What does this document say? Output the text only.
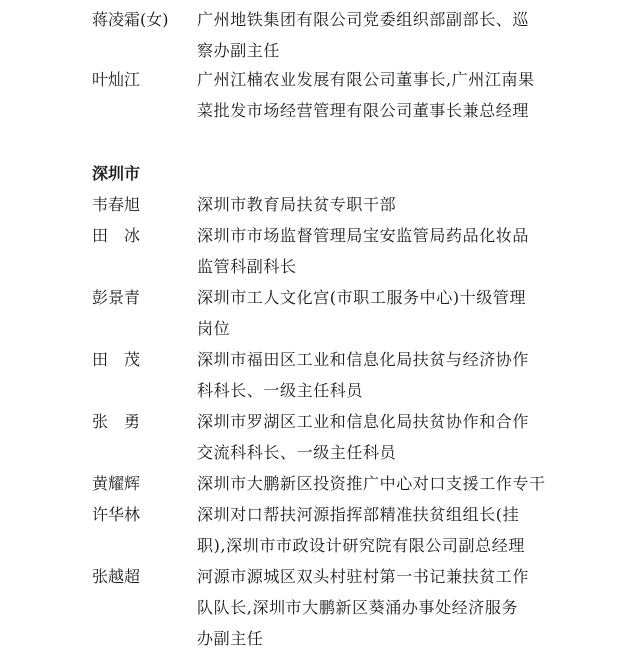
蒋凌霜(女)	广州地铁集团有限公司党委组织部副部长、巡
察办副主任
叶灿江	广州江楠农业发展有限公司董事长,广州江南果
菜批发市场经营管理有限公司董事长兼总经理
深圳市
韦春旭	深圳市教育局扶贫专职干部
田　冰	深圳市市场监督管理局宝安监管局药品化妆品
监管科副科长
彭景青	深圳市工人文化宫(市职工服务中心)十级管理
岗位
田　茂	深圳市福田区工业和信息化局扶贫与经济协作
科科长、一级主任科员
张　勇	深圳市罗湖区工业和信息化局扶贫协作和合作
交流科科长、一级主任科员
黄耀辉	深圳市大鹏新区投资推广中心对口支援工作专干
许华林	深圳对口帮扶河源指挥部精准扶贫组组长(挂
职),深圳市市政设计研究院有限公司副总经理
张越超	河源市源城区双头村驻村第一书记兼扶贫工作
队队长,深圳市大鹏新区葵涌办事处经济服务
办副主任
